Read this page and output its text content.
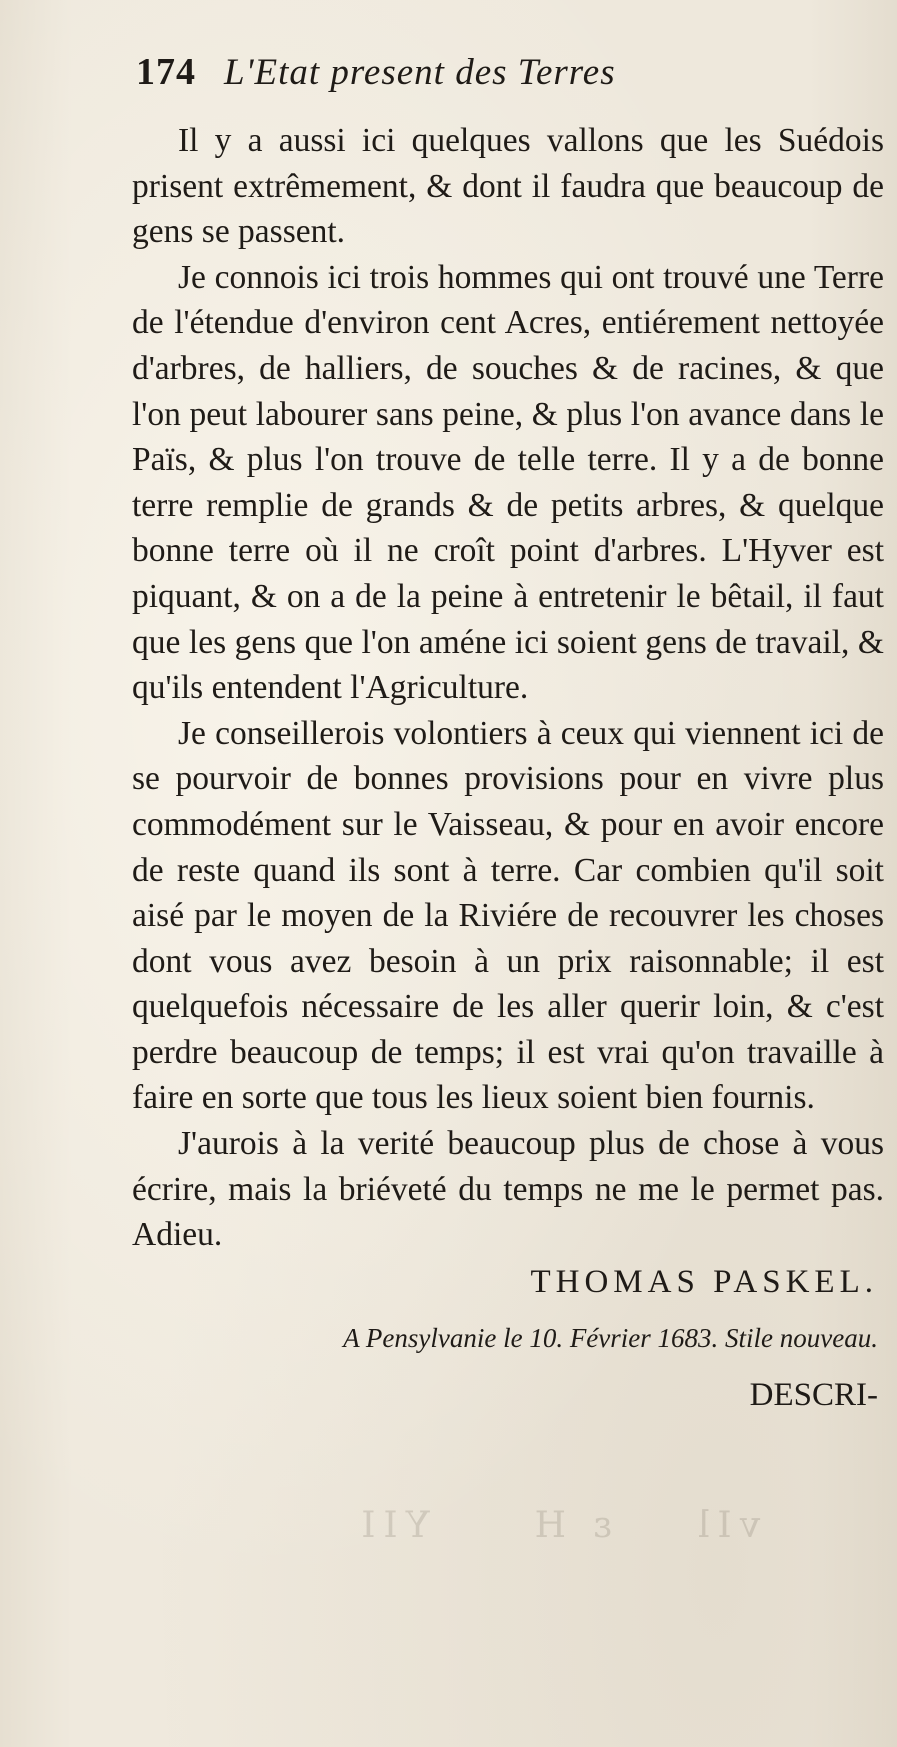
vIl    ε H     ΥΙΙ
174 L'Etat present des Terres

Il y a aussi ici quelques vallons que les Suédois prisent extrêmement, & dont il faudra que beaucoup de gens se passent.

Je connois ici trois hommes qui ont trouvé une Terre de l'étendue d'environ cent Acres, entiérement nettoyée d'arbres, de halliers, de souches & de racines, & que l'on peut labourer sans peine, & plus l'on avance dans le Païs, & plus l'on trouve de telle terre. Il y a de bonne terre remplie de grands & de petits arbres, & quelque bonne terre où il ne croît point d'arbres. L'Hyver est piquant, & on a de la peine à entretenir le bêtail, il faut que les gens que l'on améne ici soient gens de travail, & qu'ils entendent l'Agriculture.

Je conseillerois volontiers à ceux qui viennent ici de se pourvoir de bonnes provisions pour en vivre plus commodément sur le Vaisseau, & pour en avoir encore de reste quand ils sont à terre. Car combien qu'il soit aisé par le moyen de la Riviére de recouvrer les choses dont vous avez besoin à un prix raisonnable; il est quelquefois nécessaire de les aller querir loin, & c'est perdre beaucoup de temps; il est vrai qu'on travaille à faire en sorte que tous les lieux soient bien fournis.

J'aurois à la verité beaucoup plus de chose à vous écrire, mais la briéveté du temps ne me le permet pas. Adieu.

THOMAS PASKEL.
A Pensylvanie le 10. Février 1683. Stile nouveau.
DESCRI-
